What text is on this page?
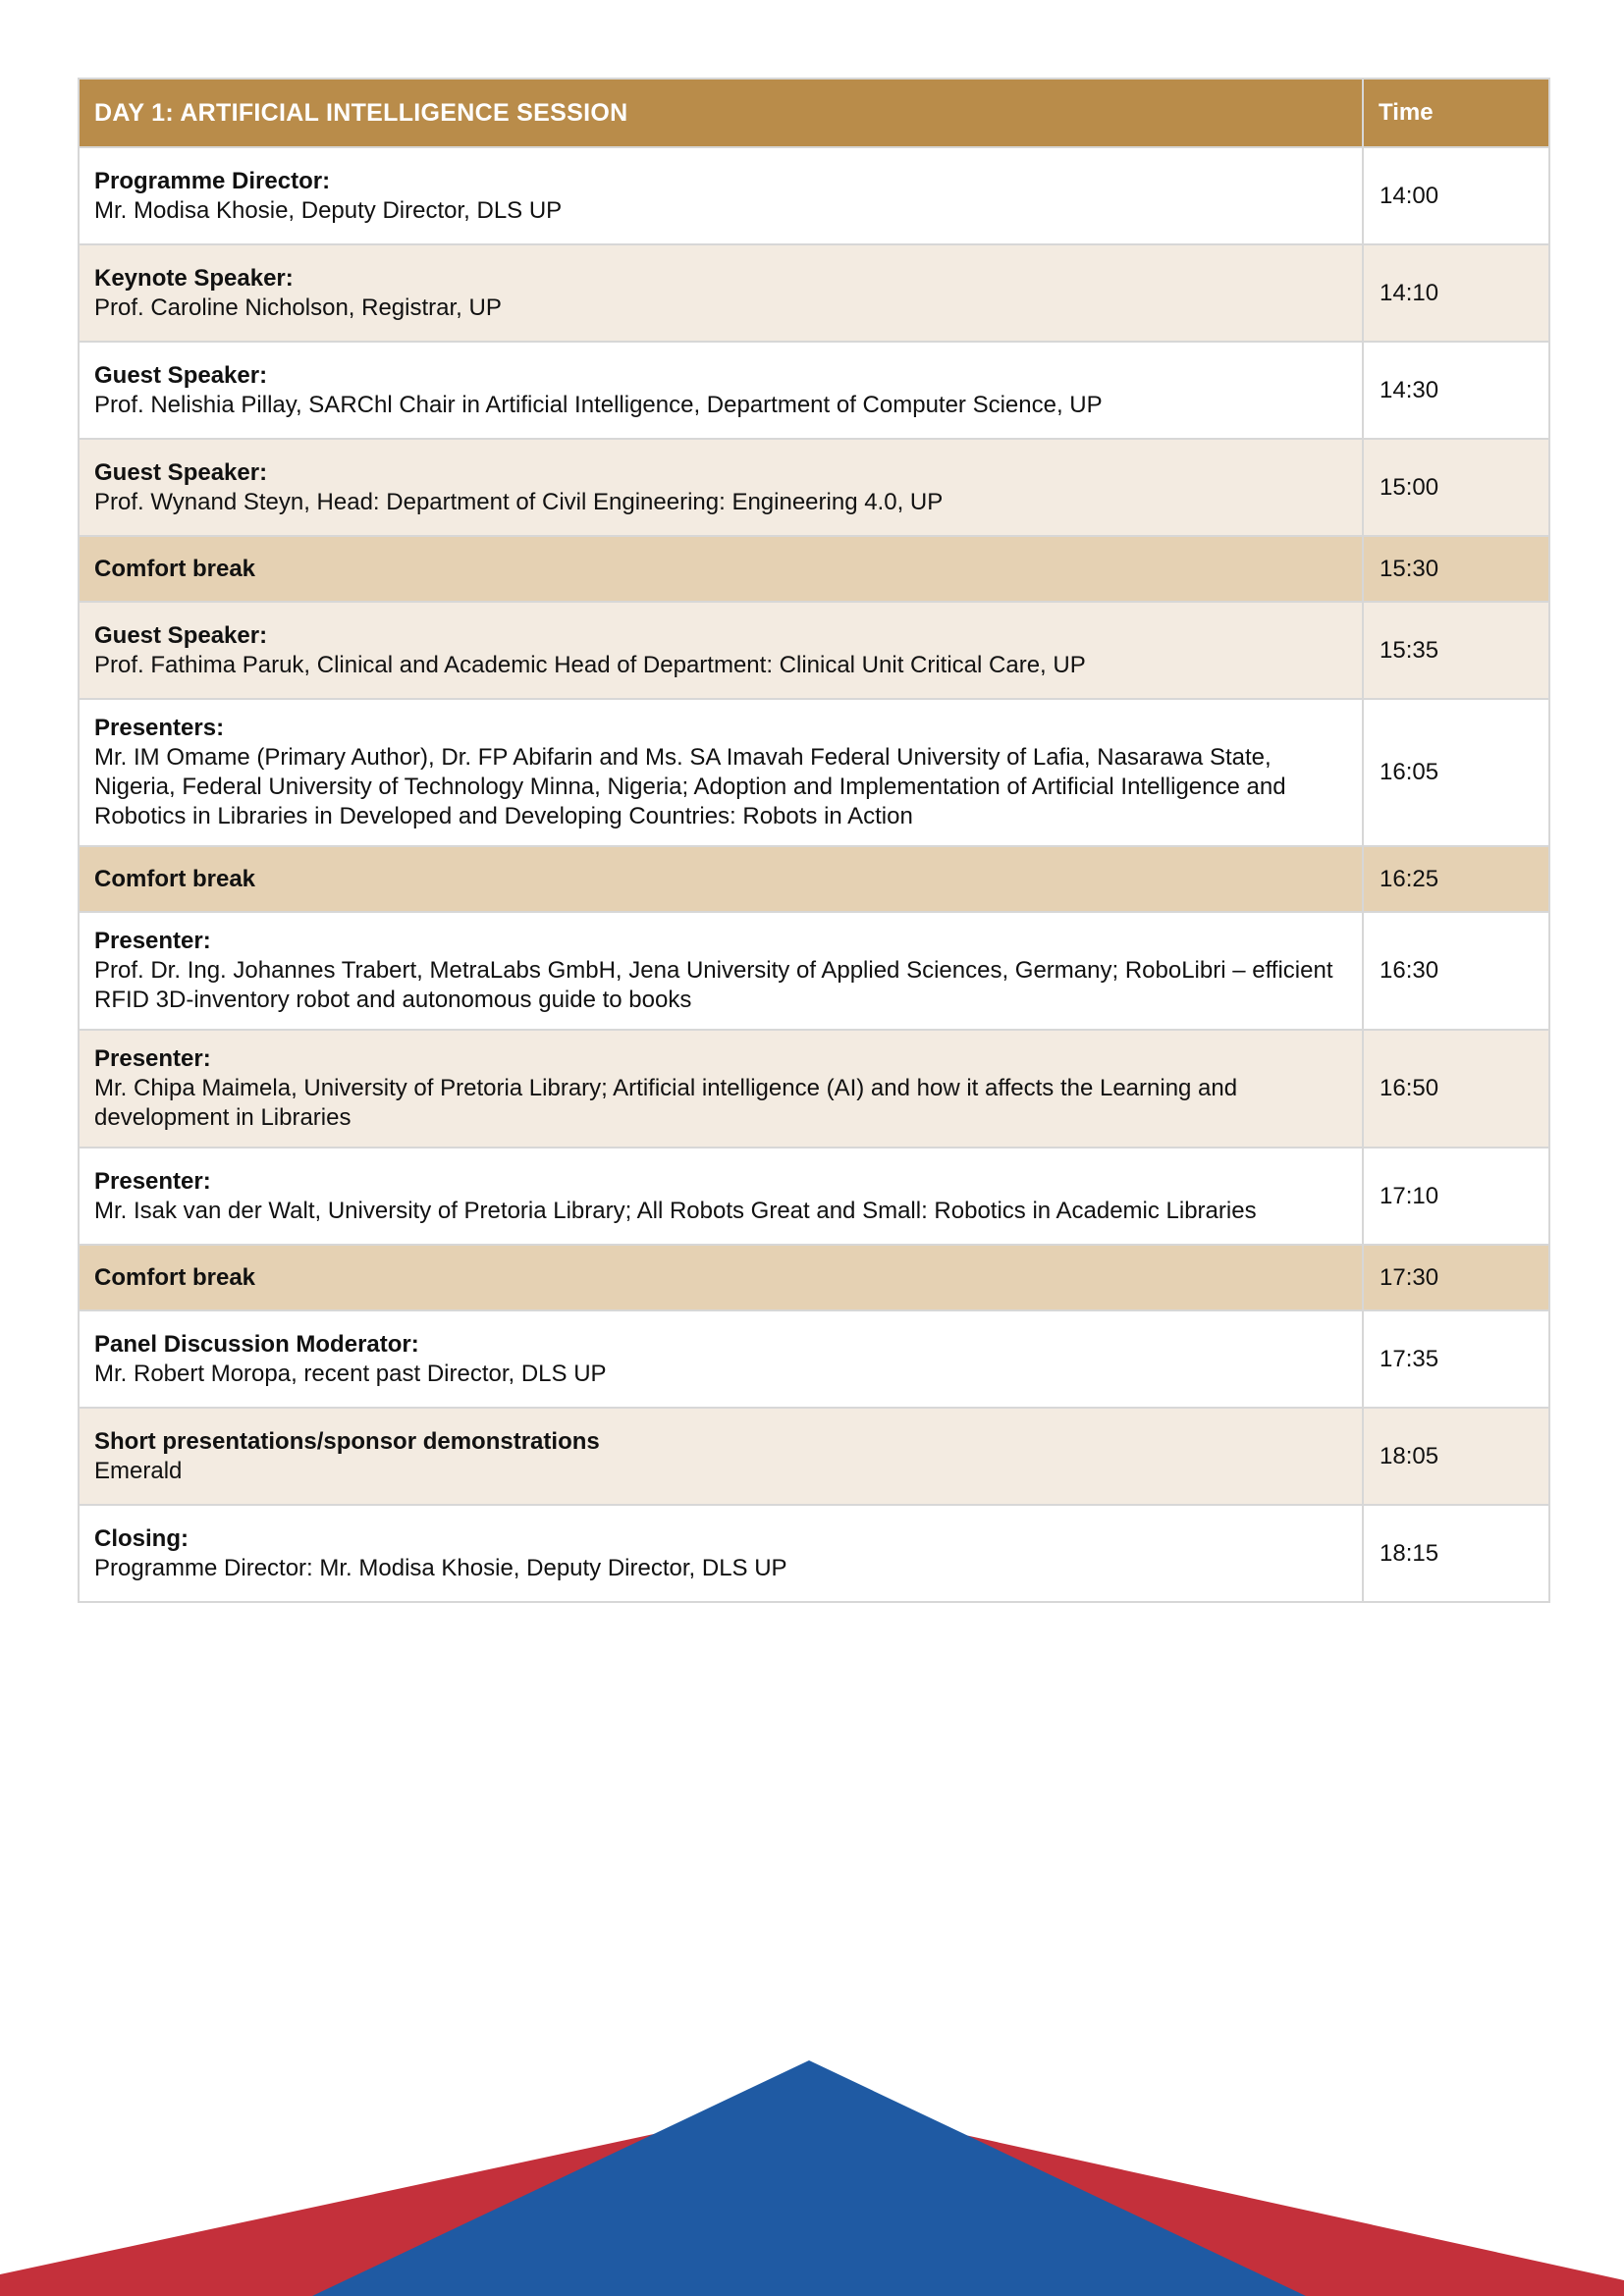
DAY 1: ARTIFICIAL INTELLIGENCE SESSION	Time

Programme Director:
Mr. Modisa Khosie, Deputy Director, DLS UP	14:00

Keynote Speaker:
Prof. Caroline Nicholson, Registrar, UP	14:10

Guest Speaker:
Prof. Nelishia Pillay, SARChl Chair in Artificial Intelligence, Department of Computer Science, UP	14:30

Guest Speaker:
Prof. Wynand Steyn, Head: Department of Civil Engineering: Engineering 4.0, UP	15:00
Comfort break	15:30

Guest Speaker:
Prof. Fathima Paruk, Clinical and Academic Head of Department: Clinical Unit Critical Care, UP	15:35

Presenters:
Mr. IM Omame (Primary Author), Dr. FP Abifarin and Ms. SA Imavah Federal University of Lafia, Nasarawa State, Nigeria, Federal University of Technology Minna, Nigeria; Adoption and Implementation of Artificial Intelligence and Robotics in Libraries in Developed and Developing Countries: Robots in Action	16:05
Comfort break	16:25

Presenter:
Prof. Dr. Ing. Johannes Trabert, MetraLabs GmbH, Jena University of Applied Sciences, Germany; RoboLibri – efficient RFID 3D-inventory robot and autonomous guide to books	16:30

Presenter:
Mr. Chipa Maimela, University of Pretoria Library; Artificial intelligence (AI) and how it affects the Learning and development in Libraries	16:50

Presenter:
Mr. Isak van der Walt, University of Pretoria Library; All Robots Great and Small: Robotics in Academic Libraries	17:10
Comfort break	17:30

Panel Discussion Moderator:
Mr. Robert Moropa, recent past Director, DLS UP	17:35

Short presentations/sponsor demonstrations
Emerald	18:05

Closing:
Programme Director: Mr. Modisa Khosie, Deputy Director, DLS UP	18:15
